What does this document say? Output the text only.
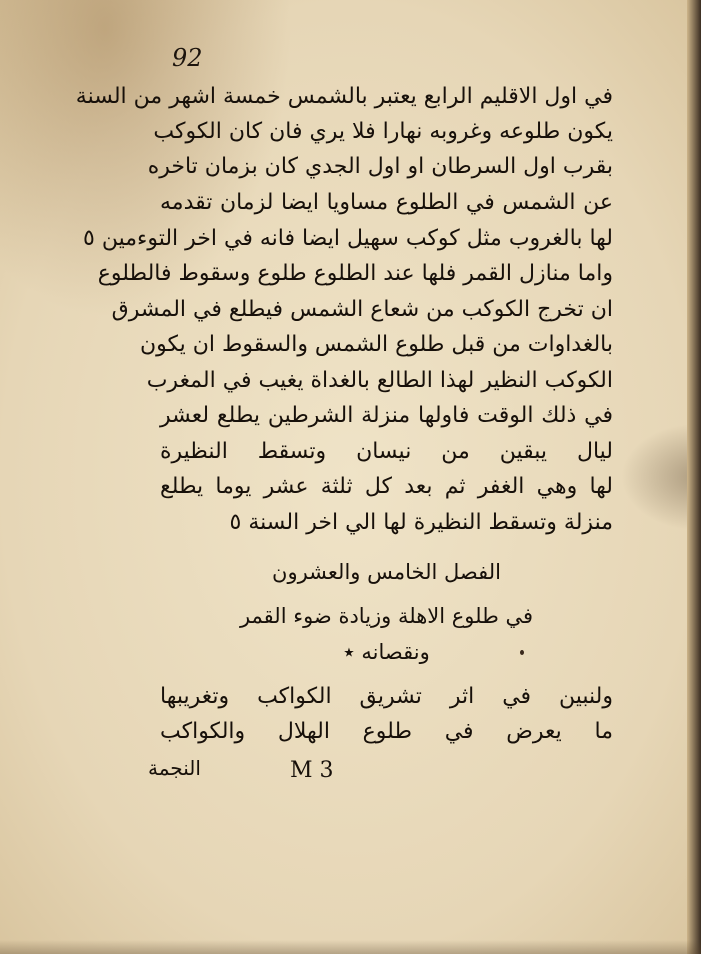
92
في اول الاقليم الرابع يعتبر بالشمس خمسة اشهر من السنة
يكون طلوعه وغروبه نهارا فلا يري فان كان الكوكب
بقرب اول السرطان او اول الجدي كان بزمان تاخره
عن الشمس في الطلوع مساويا ايضا لزمان تقدمه
لها بالغروب مثل كوكب سهيل ايضا فانه في اخر التوءمين ٥
واما منازل القمر فلها عند الطلوع طلوع وسقوط فالطلوع
ان تخرج الكوكب من شعاع الشمس فيطلع في المشرق
بالغداوات من قبل طلوع الشمس والسقوط ان يكون
الكوكب النظير لهذا الطالع بالغداة يغيب في المغرب
في ذلك الوقت فاولها منزلة الشرطين يطلع لعشر
ليال يبقين من نيسان وتسقط النظيرة
لها وهي الغفر ثم بعد كل ثلثة عشر يوما يطلع
منزلة وتسقط النظيرة لها الي اخر السنة ٥
الفصل الخامس والعشرون
في طلوع الاهلة وزيادة ضوء القمر
ونقصانه ٭
ولنبين في اثر تشريق الكواكب وتغريبها
ما يعرض في طلوع الهلال والكواكب
النجمة	M 3
